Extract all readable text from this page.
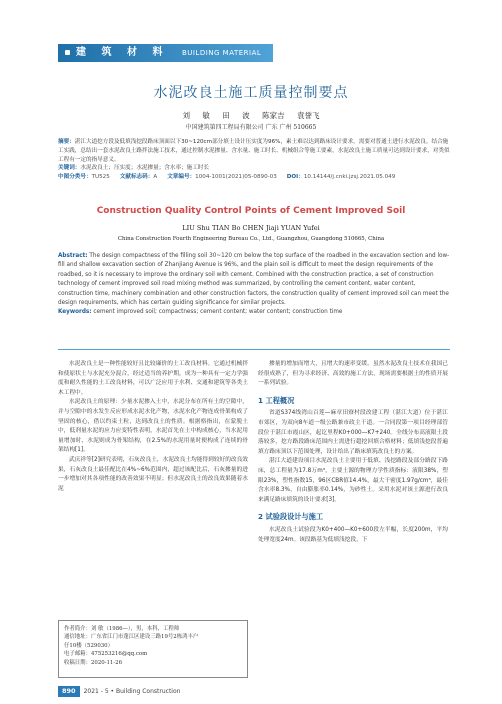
建 筑 材 料 BUILDING MATERIAL
水泥改良土施工质量控制要点
刘 敏 田 波 陈家吉 袁誉飞
中国建筑第四工程局有限公司 广东 广州 510665
摘要：湛江大道挖方段及低填浅挖段路床顶面以下30~120cm部分填土设计压实度为96%，素土难以达到路床设计要求，需要对普通土进行水泥改良。结合施工实践，总结出一套水泥改良土路拌法施工技术，通过控制水泥掺量、含水量、施工时长、机械组合等施工要素，水泥改良土施工质量可达到设计要求，对类似工程有一定的指导意义。
关键词：水泥改良土；压实度；水泥掺量；含水率；施工时长
中图分类号：TU525 文献标志码：A 文章编号：1004-1001(2021)05-0890-03 DOI：10.14144/j.cnki.jzsj.2021.05.049
Construction Quality Control Points of Cement Improved Soil
LIU Shu TIAN Bo CHEN Jiaji YUAN Yufei
China Construction Fourth Engineering Bureau Co., Ltd., Guangzhou, Guangdong 510665, China
Abstract: The design compactness of the filling soil 30~120 cm below the top surface of the roadbed in the excavation section and low-fill and shallow excavation section of Zhanjiang Avenue is 96%, and the plain soil is difficult to meet the design requirements of the roadbed, so it is necessary to improve the ordinary soil with cement. Combined with the construction practice, a set of construction technology of cement improved soil road mixing method was summarized, by controlling the cement content, water content, construction time, machinery combination and other construction factors, the construction quality of cement improved soil can meet the design requirements, which has certain guiding significance for similar projects.
Keywords: cement improved soil; compactness; cement content; water content; construction time

水泥改良土是一种性能较好且比较廉价的土工改良材料。它通过机械拌和使原状土与水泥充分混合，经过适当的养护期，成为一种具有一定力学强度和耐久性能的土工改良材料，可以广泛应用于水利、交通和建筑等各类土木工程中。

水泥改良土的原理：少量水泥掺入土中，水泥分布在所有土的空隙中，并与空隙中的水发生反应形成水泥水化产物，水泥水化产物连成骨架构成了坚固的核心，借以约束土粒，达到改良土的性质。根据格指出，在蒙脱土中，低剂量水泥的应力应变特性表明，水泥首先在土中构成核心，当水泥用量增加时，水泥则成为骨架结构，在2.5%的水泥用量时便构成了连续的骨架结构[1]。

武庆祥等[2]研究表明，石灰改良土，水泥改良土均能得到较好的改良效果，石灰改良土最佳配比在4%~6%范围内，超过该配比后，石灰掺量的进一步增加对其各项性能的改善效果不明显；但水泥改良土的改良效果随着水泥

作者简介：刘 敏（1986—），男，本科，工程师
通信地址：广东省江门市蓬江区建设三路19号2栋鸿丰户
仔10楼（529030）
电子邮箱：475253216@qq.com
收稿日期：2020-11-26

掺量的增加而增大，且增大的速率变缓。虽然水泥改良土技术在我国已经很成熟了，但为寻求经济、高效的施工方法，现场需要根据土的性质开展一系列试验。

1 工程概况

省道S374线湾山百莲—麻章田寮村段改建工程（湛江大道）位于湛江市郊区，为双向8车道一级公路兼市政主干道。一合同段第一项目经理部管段位于湛江市霞山区，起讫里程K0+000—K7+240。全线分布高液限土段落较多，挖方路段路床范围内土需进行超挖回填合格材料；低填浅挖段普遍填方路床顶以下范围处理，设计给出了路床填筑改良土的方案。

湛江大道建设项目水泥改良土主要用于低填、浅挖路段及部分路段下路床，总工程量为17.8万m³，主要土源的物理力学性质指标：液限38%，塑限23%，塑性指数15，96区CBR值14.4%，最大干密度1.97g/cm³，最佳含水率8.3%，自由膨胀率0.14%，为砂性土。采用水泥对该土源进行改良来满足路床填筑的设计要求[3]。

2 试验段设计与施工

水泥改良土试验段为K0+400—K0+600段左半幅，长度200m，平均处理宽度24m。该段路基为低填浅挖段，下

890	2021 - 5 • Building Construction
